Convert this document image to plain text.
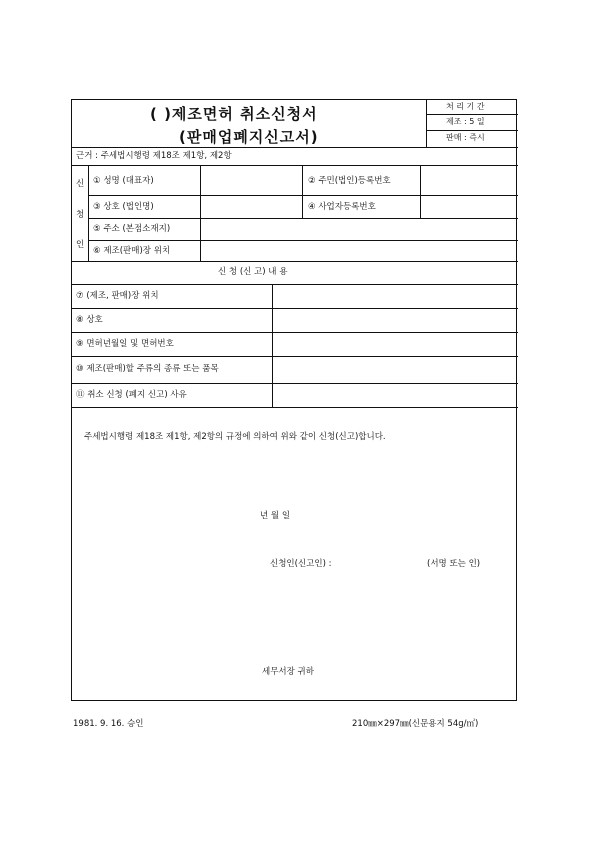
( )제조면허 취소신청서
(판매업폐지신고서)
처 리 기 간
제조 : 5 일
판매 : 즉시
근거 : 주세법시행령 제18조 제1항, 제2항
신
청
인
① 성명 (대표자)	② 주민(법인)등록번호
③ 상호 (법인명)	④ 사업자등록번호
⑤ 주소 (본점소재지)
⑥ 제조(판매)장 위치
신 청 (신 고) 내 용
⑦ (제조, 판매)장 위치
⑧ 상호
⑨ 면허년월일 및 면허번호
⑩ 제조(판매)할 주류의 종류 또는 품목
⑪ 취소 신청 (폐지 신고) 사유
주세법시행령 제18조 제1항, 제2항의 규정에 의하여 위와 같이 신청(신고)합니다.
년 월 일
신청인(신고인) :	(서명 또는 인)
세무서장 귀하
1981. 9. 16. 승인	210㎜×297㎜(신문용지 54g/㎡)
